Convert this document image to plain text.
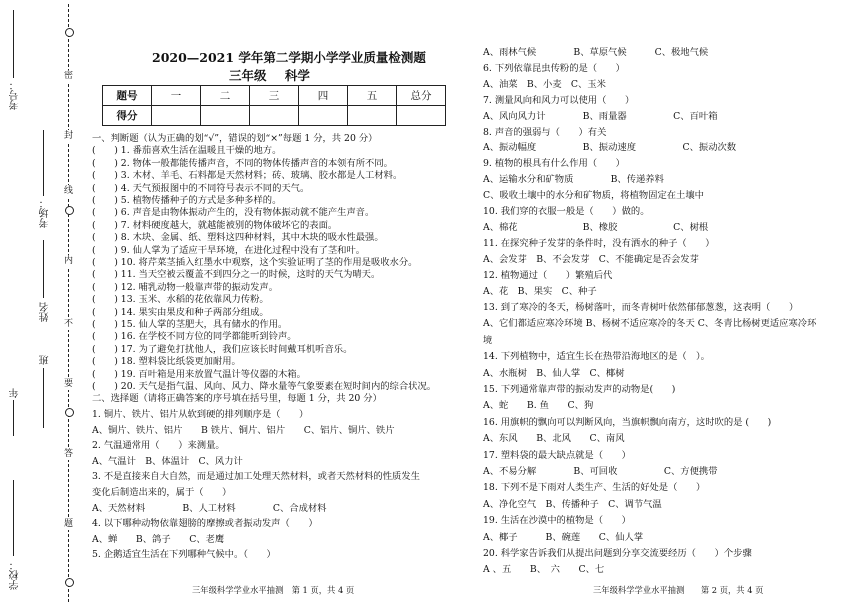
考号：
考场：
姓名
年
班
学校：
密
封
线
内
不
要
答
题
2020—2021 学年第二学期小学学业质量检测题
三年级 科学
题号	一	二	三	四	五	总分
得分						
一、判断题（认为正确的划“√”，错误的划“×”每题 1 分，共 20 分）
(　　) 1. 番茄喜欢生活在温暖且干燥的地方。
(　　) 2. 物体一般都能传播声音，不同的物体传播声音的本领有所不同。
(　　) 3. 木材、羊毛、石料都是天然材料；砖、玻璃、胶水都是人工材料。
(　　) 4. 天气预报图中的不同符号表示不同的天气。
(　　) 5. 植物传播种子的方式是多种多样的。
(　　) 6. 声音是由物体振动产生的，没有物体振动就不能产生声音。
(　　) 7. 材料硬度越大，就越能被别的物体破坏它的表面。
(　　) 8. 木块、金属、纸、塑料这四种材料，其中木块的吸水性最强。
(　　) 9. 仙人掌为了适应干旱环境，在进化过程中没有了茎和叶。
(　　) 10. 将芹菜茎插入红墨水中观察，这个实验证明了茎的作用是吸收水分。
(　　) 11. 当天空被云覆盖不到四分之一的时候，这时的天气为晴天。
(　　) 12. 哺乳动物一般靠声带的振动发声。
(　　) 13. 玉米、水稻的花依靠风力传粉。
(　　) 14. 果实由果皮和种子两部分组成。
(　　) 15. 仙人掌的茎肥大，具有储水的作用。
(　　) 16. 在学校不同方位的同学都能听到铃声。
(　　) 17. 为了避免打扰他人，我们应该长时间戴耳机听音乐。
(　　) 18. 塑料袋比纸袋更加耐用。
(　　) 19. 百叶箱是用来放置气温计等仪器的木箱。
(　　) 20. 天气是指气温、风向、风力、降水量等气象要素在短时间内的综合状况。
二、选择题（请将正确答案的序号填在括号里，每题 1 分，共 20 分）
1. 铜片、铁片、铝片从软到硬的排列顺序是（　　）
A、铜片、铁片、铝片　　B 铁片、铜片、铝片　　C、铝片、铜片、铁片
2. 气温通常用（　　）来测量。
A、气温计　B、体温计　C、风力计
3. 不是直接来自大自然，而是通过加工处理天然材料，或者天然材料的性质发生
变化后制造出来的，属于（　　）
A、天然材料　　　　B、人工材料　　　　C、合成材料
4. 以下哪种动物依靠翅膀的摩擦或者振动发声（　　）
A、蝉　　B、鸽子　　C、老鹰
5. 企鹅适宜生活在下列哪种气候中。（　　）
三年级科学学业水平抽测　第 1 页，共 4 页
A、雨林气候　　　　B、草原气候　　　C、极地气候
6. 下列依靠昆虫传粉的是（　　）
A、油菜　B、小麦　C、玉米
7. 测量风向和风力可以使用（　　）
A、风向风力计　　　　B、雨量器　　　　　C、百叶箱
8. 声音的强弱与（　　）有关
A、振动幅度　　　　　B、振动速度　　　　　C、振动次数
9. 植物的根具有什么作用（　　）
A、运输水分和矿物质　　　　B、传递养料
C、吸收土壤中的水分和矿物质，将植物固定在土壤中
10. 我们穿的衣服一般是（　　）做的。
A、棉花　　　　　　　B、橡胶　　　　　　C、树根
11. 在探究种子发芽的条件时，没有洒水的种子（　　）
A、会发芽　B、不会发芽　C、不能确定是否会发芽
12. 植物通过（　　）繁殖后代
A、花　B、果实　C、种子
13. 到了寒冷的冬天，杨树落叶，而冬青树叶依然郁郁葱葱，这表明（　　）
A、它们都适应寒冷环境 B、杨树不适应寒冷的冬天 C、冬青比杨树更适应寒冷环
境
14. 下列植物中，适宜生长在热带沿海地区的是（　）。
A、水瓶树　B、仙人掌　C、椰树
15. 下列通常靠声带的振动发声的动物是(　　)
A、蛇　　B. 鱼　　C、狗
16. 用旗帜的飘向可以判断风向，当旗帜飘向南方，这时吹的是 (　　)
A、东风　　B、北风　　C、南风
17. 塑料袋的最大缺点就是（　　）
A、不易分解　　　　B、可回收　　　　　C、方便携带
18. 下列不是下雨对人类生产、生活的好处是（　　）
A、净化空气　B、传播种子　C、调节气温
19. 生活在沙漠中的植物是（　　）
A、椰子　　　B、碗莲　　C、仙人掌
20. 科学家告诉我们从提出问题到分享交流要经历（　　）个步骤
A 、五　　B、　六　　C、七
三年级科学学业水平抽测　　第 2 页，共 4 页
